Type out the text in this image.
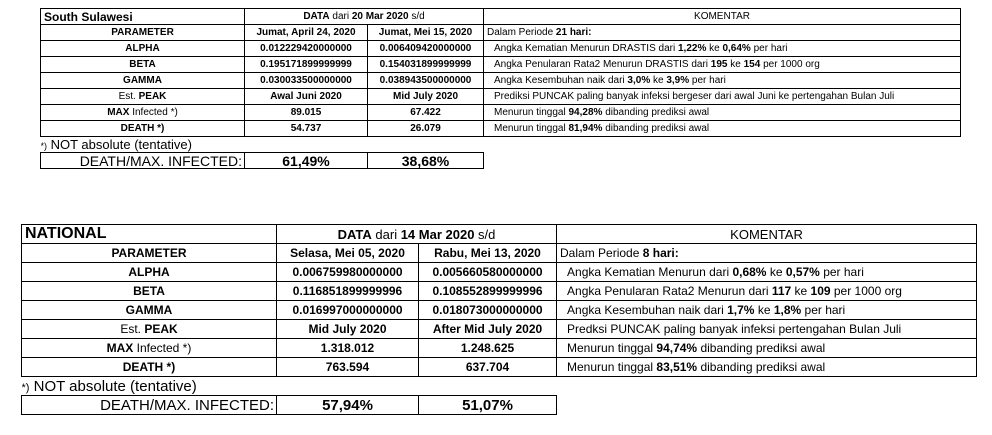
South Sulawesi	DATA dari 20 Mar 2020 s/d		KOMENTAR
PARAMETER	Jumat, April 24, 2020	Jumat, Mei 15, 2020	Dalam Periode 21 hari:
ALPHA	0.012229420000000	0.006409420000000	Angka Kematian Menurun DRASTIS dari 1,22% ke 0,64% per hari
BETA	0.195171899999999	0.154031899999999	Angka Penularan Rata2 Menurun DRASTIS dari 195 ke 154 per 1000 org
GAMMA	0.030033500000000	0.038943500000000	Angka Kesembuhan naik dari 3,0% ke 3,9% per hari
Est. PEAK	Awal Juni 2020	Mid July 2020	Prediksi PUNCAK paling banyak infeksi bergeser dari awal Juni ke pertengahan Bulan Juli
MAX Infected *)	89.015	67.422	Menurun tinggal 94,28% dibanding prediksi awal
DEATH *)	54.737	26.079	Menurun tinggal 81,94% dibanding prediksi awal
*) NOT absolute (tentative)			
DEATH/MAX. INFECTED:	61,49%	38,68%	
NATIONAL	DATA dari 14 Mar 2020 s/d		KOMENTAR
PARAMETER	Selasa, Mei 05, 2020	Rabu, Mei 13, 2020	Dalam Periode 8 hari:
ALPHA	0.006759980000000	0.005660580000000	Angka Kematian Menurun dari 0,68% ke 0,57% per hari
BETA	0.116851899999996	0.108552899999996	Angka Penularan Rata2 Menurun dari 117 ke 109 per 1000 org
GAMMA	0.016997000000000	0.018073000000000	Angka Kesembuhan naik dari 1,7% ke 1,8% per hari
Est. PEAK	Mid July 2020	After Mid July 2020	Predksi PUNCAK paling banyak infeksi pertengahan Bulan Juli
MAX Infected *)	1.318.012	1.248.625	Menurun tinggal 94,74% dibanding prediksi awal
DEATH *)	763.594	637.704	Menurun tinggal 83,51% dibanding prediksi awal
*) NOT absolute (tentative)			
DEATH/MAX. INFECTED:	57,94%	51,07%	
